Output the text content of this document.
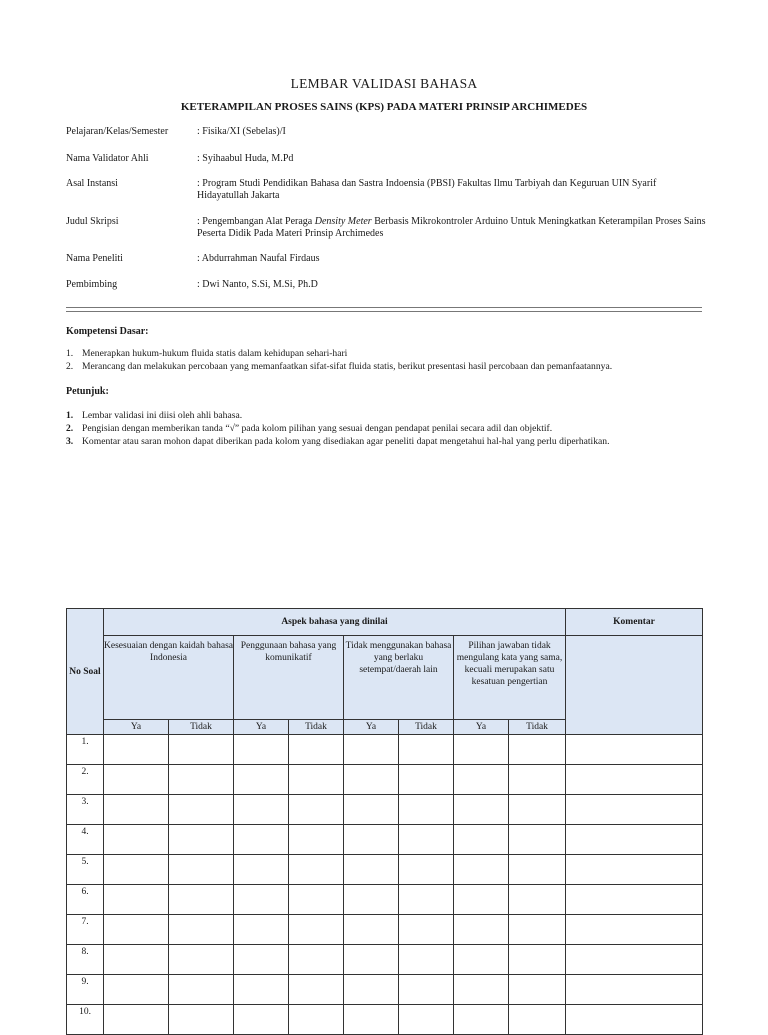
LEMBAR VALIDASI BAHASA
KETERAMPILAN PROSES SAINS (KPS) PADA MATERI PRINSIP ARCHIMEDES
Pelajaran/Kelas/Semester	: Fisika/XI (Sebelas)/I
Nama Validator Ahli	: Syihaabul Huda, M.Pd
Asal Instansi	: Program Studi Pendidikan Bahasa dan Sastra Indoensia (PBSI) Fakultas Ilmu Tarbiyah dan Keguruan UIN Syarif Hidayatullah Jakarta
Judul Skripsi	: Pengembangan Alat Peraga Density Meter Berbasis Mikrokontroler Arduino Untuk Meningkatkan Keterampilan Proses Sains Peserta Didik Pada Materi Prinsip Archimedes
Nama Peneliti	: Abdurrahman Naufal Firdaus
Pembimbing	: Dwi Nanto, S.Si, M.Si, Ph.D
Kompetensi Dasar:
1. Menerapkan hukum-hukum fluida statis dalam kehidupan sehari-hari
2. Merancang dan melakukan percobaan yang memanfaatkan sifat-sifat fluida statis, berikut presentasi hasil percobaan dan pemanfaatannya.
Petunjuk:
1. Lembar validasi ini diisi oleh ahli bahasa.
2. Pengisian dengan memberikan tanda “√” pada kolom pilihan yang sesuai dengan pendapat penilai secara adil dan objektif.
3. Komentar atau saran mohon dapat diberikan pada kolom yang disediakan agar peneliti dapat mengetahui hal-hal yang perlu diperhatikan.
No Soal	Aspek bahasa yang dinilai								Komentar
	Kesesuaian dengan kaidah bahasa Indonesia		Penggunaan bahasa yang komunikatif		Tidak menggunakan bahasa yang berlaku setempat/daerah lain		Pilihan jawaban tidak mengulang kata yang sama, kecuali merupakan satu kesatuan pengertian		
	Ya	Tidak	Ya	Tidak	Ya	Tidak	Ya	Tidak	
1.									
2.									
3.									
4.									
5.									
6.									
7.									
8.									
9.									
10.									
